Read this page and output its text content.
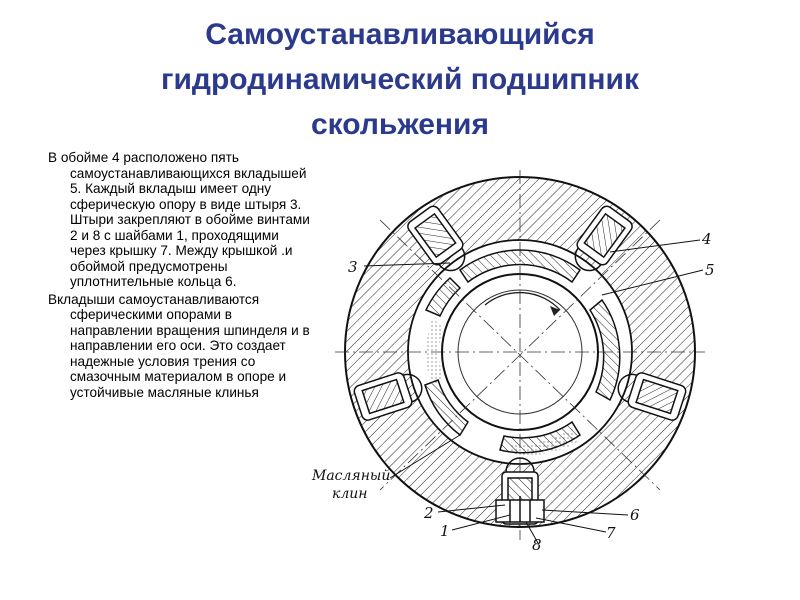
Самоустанавливающийся
гидродинамический подшипник
скольжения

В обойме 4 расположено пять самоустанавливающихся вкладышей 5. Каждый вкладыш имеет одну сферическую опору в виде штыря 3. Штыри закрепляют в обойме винтами 2 и 8 с шайбами 1, проходящими через крышку 7. Между крышкой .и обоймой предусмотрены уплотнительные кольца 6.

Вкладыши самоустанавливаются сферическими опорами в направлении вращения шпинделя и в направлении его оси. Это создает надежные условия трения со смазочным материалом в опоре и устойчивые масляные клинья

3
4
5
2
1
6
7
8
Масляный
клин
